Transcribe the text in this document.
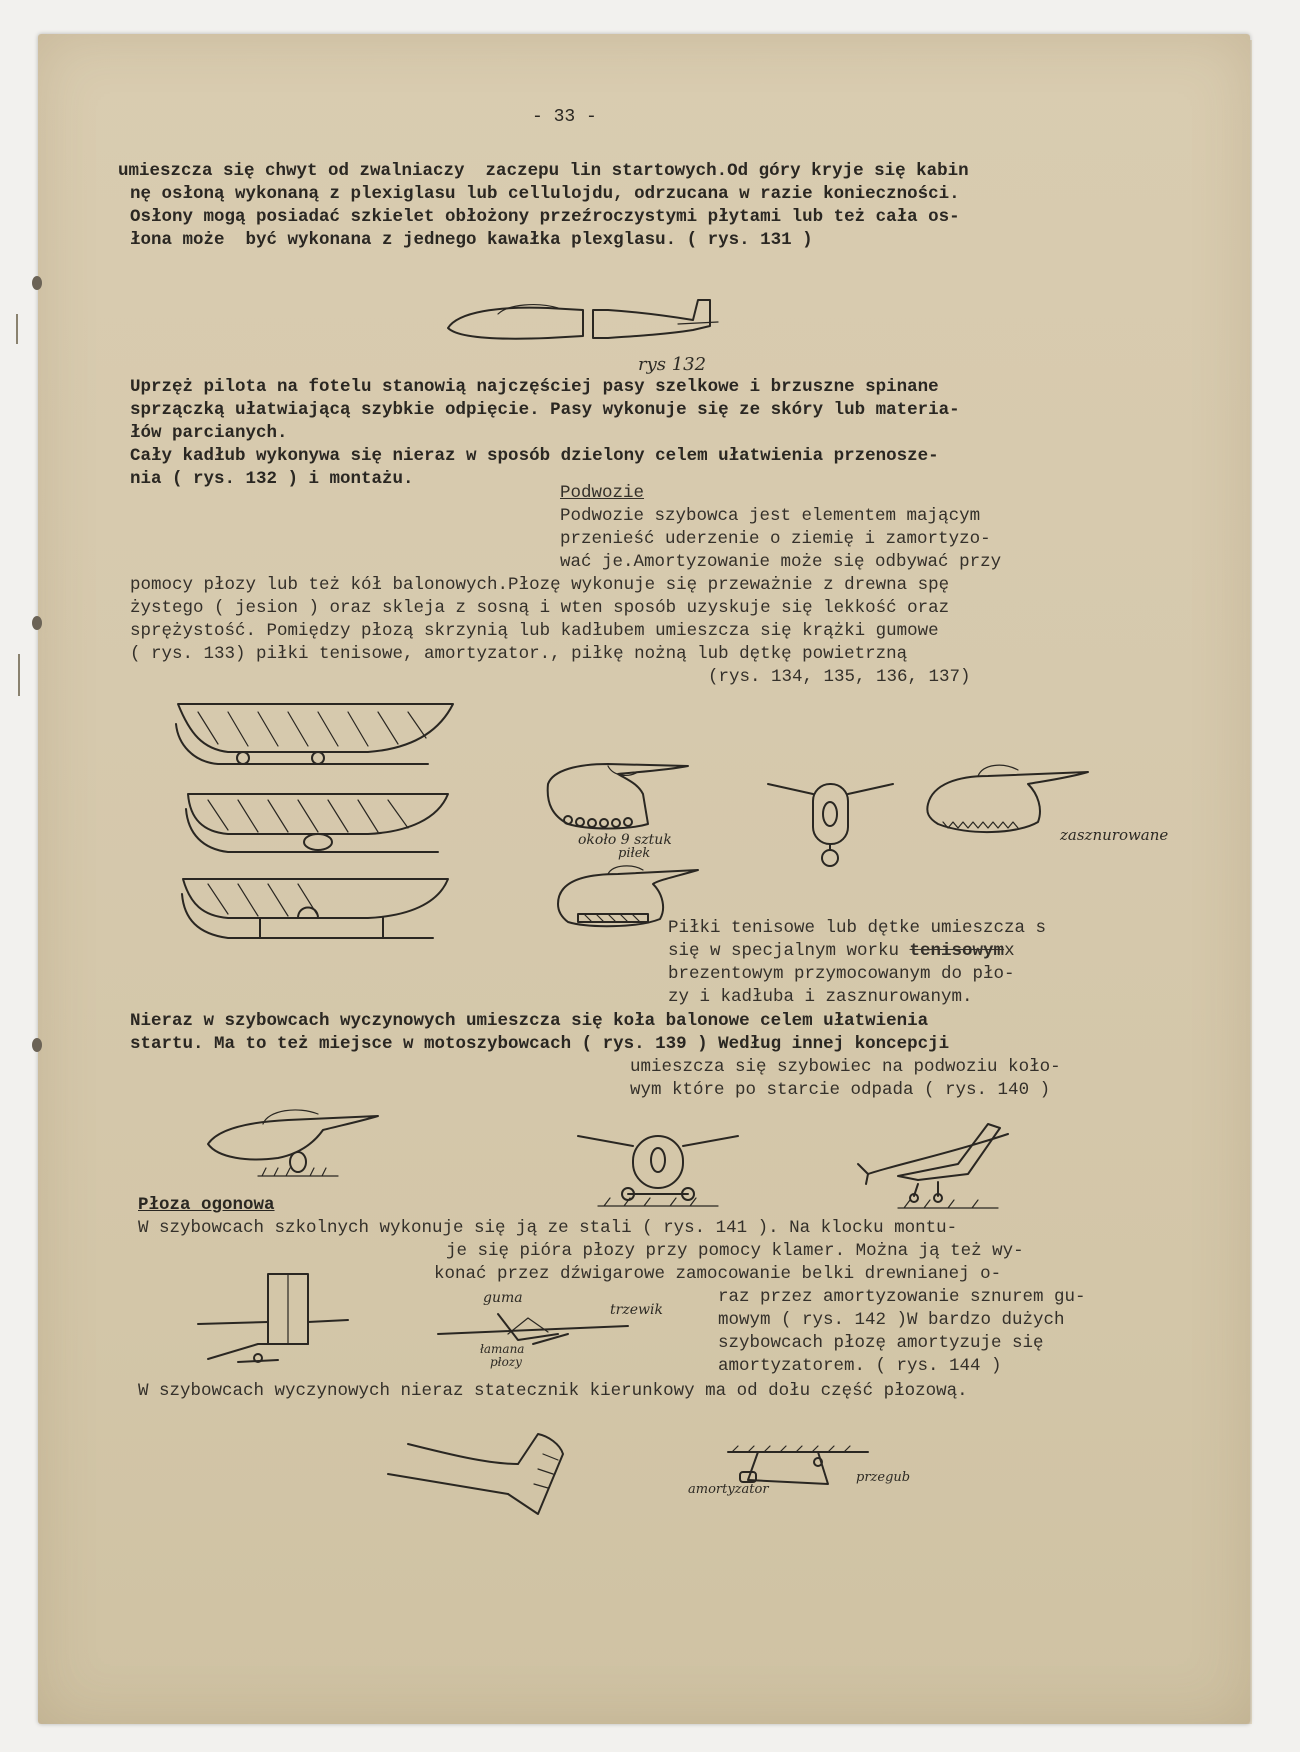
- 33 -

umieszcza się chwyt od zwalniaczy  zaczepu lin startowych.Od góry kryje się kabin

nę osłoną wykonaną z plexiglasu lub cellulojdu, odrzucana w razie konieczności.

Osłony mogą posiadać szkielet obłożony przeźroczystymi płytami lub też cała os-

łona może  być wykonana z jednego kawałka plexglasu. ( rys. 131 )

rys 132

Uprzęż pilota na fotelu stanowią najczęściej pasy szelkowe i brzuszne spinane

sprzączką ułatwiającą szybkie odpięcie. Pasy wykonuje się ze skóry lub materia-

łów parcianych.

Cały kadłub wykonywa się nieraz w sposób dzielony celem ułatwienia przenosze-

nia ( rys. 132 ) i montażu.

Podwozie

Podwozie szybowca jest elementem mającym

przenieść uderzenie o ziemię i zamortyzo-

wać je.Amortyzowanie może się odbywać przy

pomocy płozy lub też kół balonowych.Płozę wykonuje się przeważnie z drewna spę

żystego ( jesion ) oraz skleja z sosną i wten sposób uzyskuje się lekkość oraz

sprężystość. Pomiędzy płozą skrzynią lub kadłubem umieszcza się krążki gumowe

( rys. 133) piłki tenisowe, amortyzator., piłkę nożną lub dętkę powietrzną

(rys. 134, 135, 136, 137)

około 9 sztuk

piłek

zasznurowane

Piłki tenisowe lub dętke umieszcza s

się w specjalnym worku tenisowymx

brezentowym przymocowanym do pło-

zy i kadłuba i zasznurowanym.

Nieraz w szybowcach wyczynowych umieszcza się koła balonowe celem ułatwienia

startu. Ma to też miejsce w motoszybowcach ( rys. 139 ) Według innej koncepcji

umieszcza się szybowiec na podwoziu koło-

wym które po starcie odpada ( rys. 140 )

Płoza ogonowa

W szybowcach szkolnych wykonuje się ją ze stali ( rys. 141 ). Na klocku montu-

je się pióra płozy przy pomocy klamer. Można ją też wy-

konać przez dźwigarowe zamocowanie belki drewnianej o-

raz przez amortyzowanie sznurem gu-

mowym ( rys. 142 )W bardzo dużych

szybowcach płozę amortyzuje się

amortyzatorem. ( rys. 144 )

guma

trzewik

łamana

płozy

W szybowcach wyczynowych nieraz statecznik kierunkowy ma od dołu część płozową.

amortyzator

przegub
